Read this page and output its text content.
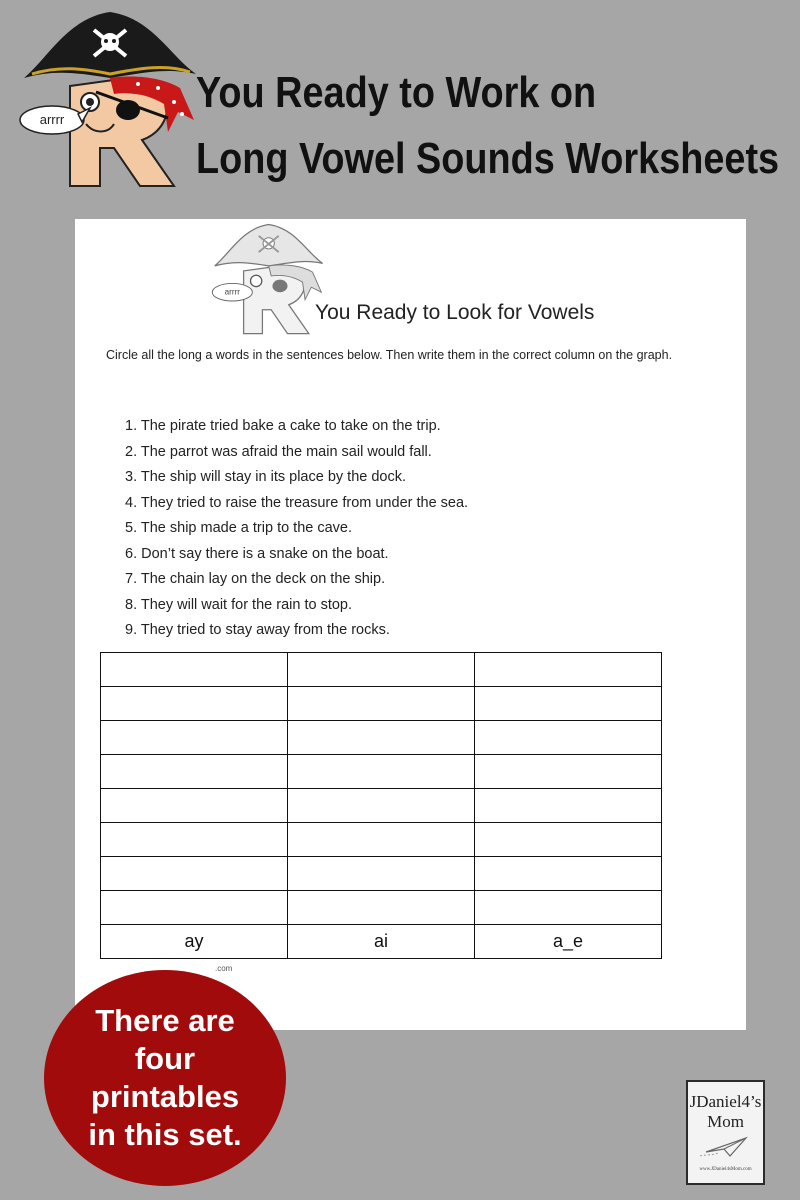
arrrr
You Ready to Work on
Long Vowel Sounds Worksheets
arrrr
You Ready to Look for Vowels
Circle all the long a words in the sentences below. Then write them in the correct column on the graph.
1. The pirate tried bake a cake to take on the trip.
2. The parrot was afraid the main sail would fall.
3. The ship will stay in its place by the dock.
4. They tried to raise the treasure from under the sea.
5. The ship made a trip to the cave.
6. Don’t say there is a snake on the boat.
7. The chain lay on the deck on the ship.
8. They will wait for the rain to stop.
9. They tried to stay away from the rocks.

ay	ai	a_e
.com
There are
four
printables
in this set.
JDaniel4’s
Mom
www.JDaniel4sMom.com
